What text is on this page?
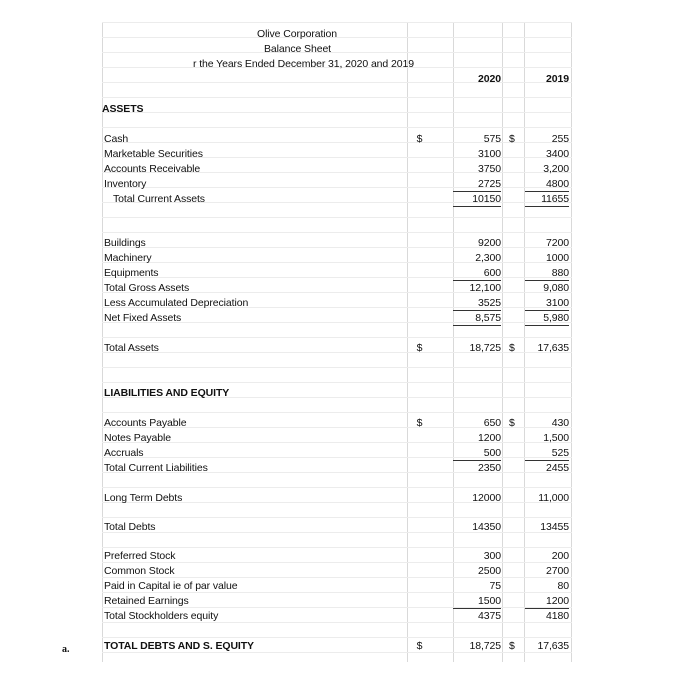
Olive Corporation
Balance Sheet
r the Years Ended December 31, 2020 and 2019
2020	2019
ASSETS
Cash	$	575 $	255
Marketable Securities	3100	3400
Accounts Receivable	3750	3,200
Inventory	2725	4800
Total Current Assets	10150	11655
Buildings	9200	7200
Machinery	2,300	1000
Equipments	600	880
Total Gross Assets	12,100	9,080
Less Accumulated Depreciation	3525	3100
Net Fixed Assets	8,575	5,980
Total Assets	$	18,725 $	17,635
LIABILITIES AND EQUITY
Accounts Payable	$	650 $	430
Notes Payable	1200	1,500
Accruals	500	525
Total Current Liabilities	2350	2455
Long Term Debts	12000	11,000
Total Debts	14350	13455
Preferred Stock	300	200
Common Stock	2500	2700
Paid in Capital ie of par value	75	80
Retained Earnings	1500	1200
Total Stockholders equity	4375	4180
TOTAL DEBTS AND S. EQUITY	$	18,725 $	17,635
a.
